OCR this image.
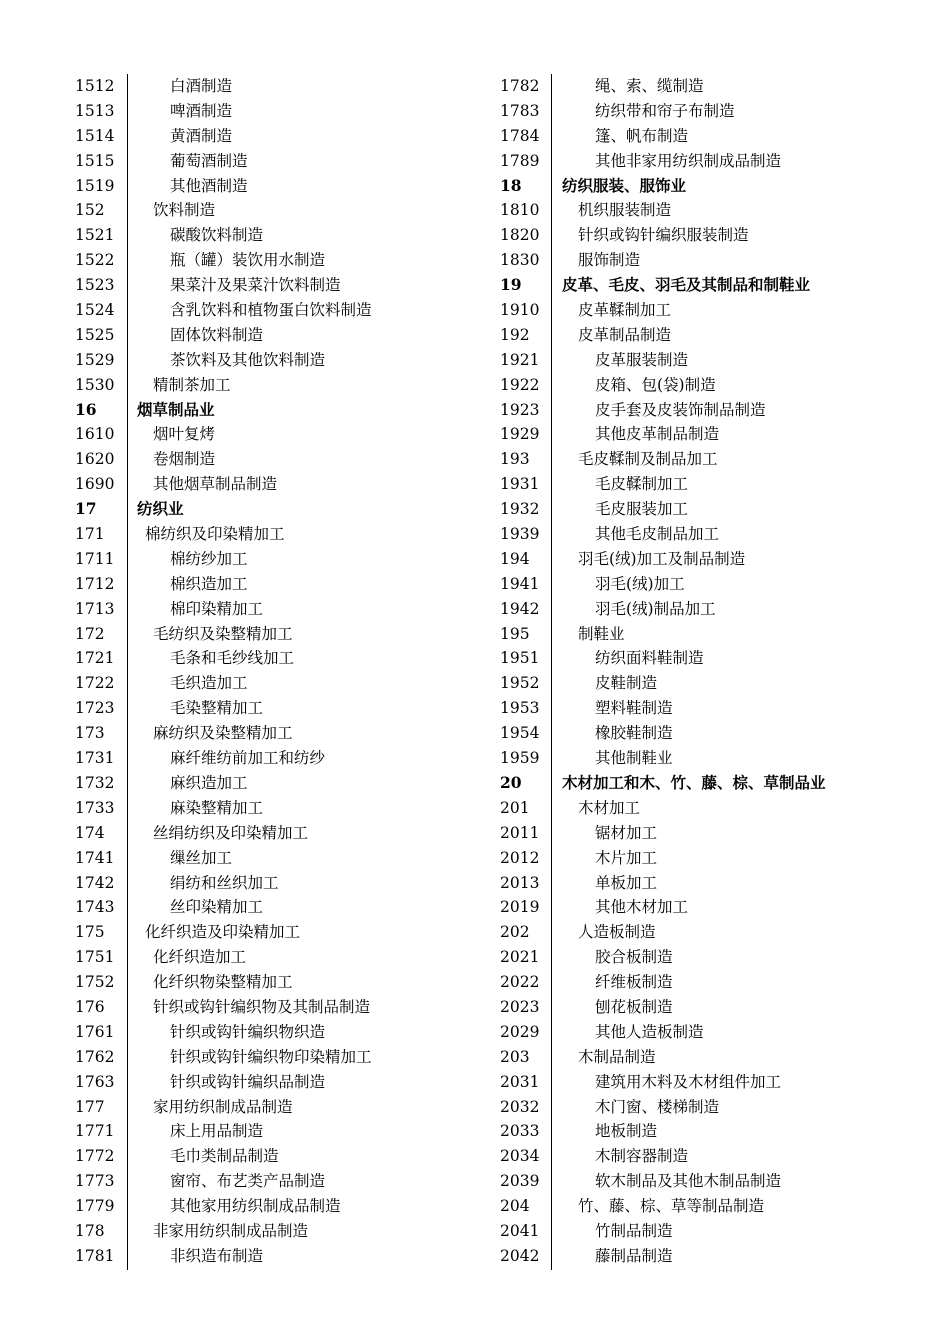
1512	白酒制造
1513	啤酒制造
1514	黄酒制造
1515	葡萄酒制造
1519	其他酒制造
152	饮料制造
1521	碳酸饮料制造
1522	瓶（罐）装饮用水制造
1523	果菜汁及果菜汁饮料制造
1524	含乳饮料和植物蛋白饮料制造
1525	固体饮料制造
1529	茶饮料及其他饮料制造
1530 精制茶加工
16	烟草制品业
1610 烟叶复烤
1620 卷烟制造
1690 其他烟草制品制造
17	纺织业
171	棉纺织及印染精加工
1711	棉纺纱加工
1712	棉织造加工
1713	棉印染精加工
172	毛纺织及染整精加工
1721	毛条和毛纱线加工
1722	毛织造加工
1723	毛染整精加工
173	麻纺织及染整精加工
1731	麻纤维纺前加工和纺纱
1732	麻织造加工
1733	麻染整精加工
174	丝绢纺织及印染精加工
1741	缫丝加工
1742	绢纺和丝织加工
1743	丝印染精加工
175	化纤织造及印染精加工
1751 化纤织造加工
1752 化纤织物染整精加工
176	针织或钩针编织物及其制品制造
1761	针织或钩针编织物织造
1762	针织或钩针编织物印染精加工
1763	针织或钩针编织品制造
177	家用纺织制成品制造
1771	床上用品制造
1772	毛巾类制品制造
1773	窗帘、布艺类产品制造
1779	其他家用纺织制成品制造
178	非家用纺织制成品制造
1781	非织造布制造
1782	绳、索、缆制造
1783	纺织带和帘子布制造
1784	篷、帆布制造
1789	其他非家用纺织制成品制造
18	纺织服装、服饰业
1810 机织服装制造
1820 针织或钩针编织服装制造
1830 服饰制造
19	皮革、毛皮、羽毛及其制品和制鞋业
1910 皮革鞣制加工
192	皮革制品制造
1921	皮革服装制造
1922	皮箱、包(袋)制造
1923	皮手套及皮装饰制品制造
1929	其他皮革制品制造
193	毛皮鞣制及制品加工
1931	毛皮鞣制加工
1932	毛皮服装加工
1939	其他毛皮制品加工
194	羽毛(绒)加工及制品制造
1941	羽毛(绒)加工
1942	羽毛(绒)制品加工
195	制鞋业
1951	纺织面料鞋制造
1952	皮鞋制造
1953	塑料鞋制造
1954	橡胶鞋制造
1959	其他制鞋业
20	木材加工和木、竹、藤、棕、草制品业
201	木材加工
2011	锯材加工
2012	木片加工
2013	单板加工
2019	其他木材加工
202	人造板制造
2021	胶合板制造
2022	纤维板制造
2023	刨花板制造
2029	其他人造板制造
203	木制品制造
2031	建筑用木料及木材组件加工
2032	木门窗、楼梯制造
2033	地板制造
2034	木制容器制造
2039	软木制品及其他木制品制造
204	竹、藤、棕、草等制品制造
2041	竹制品制造
2042	藤制品制造
